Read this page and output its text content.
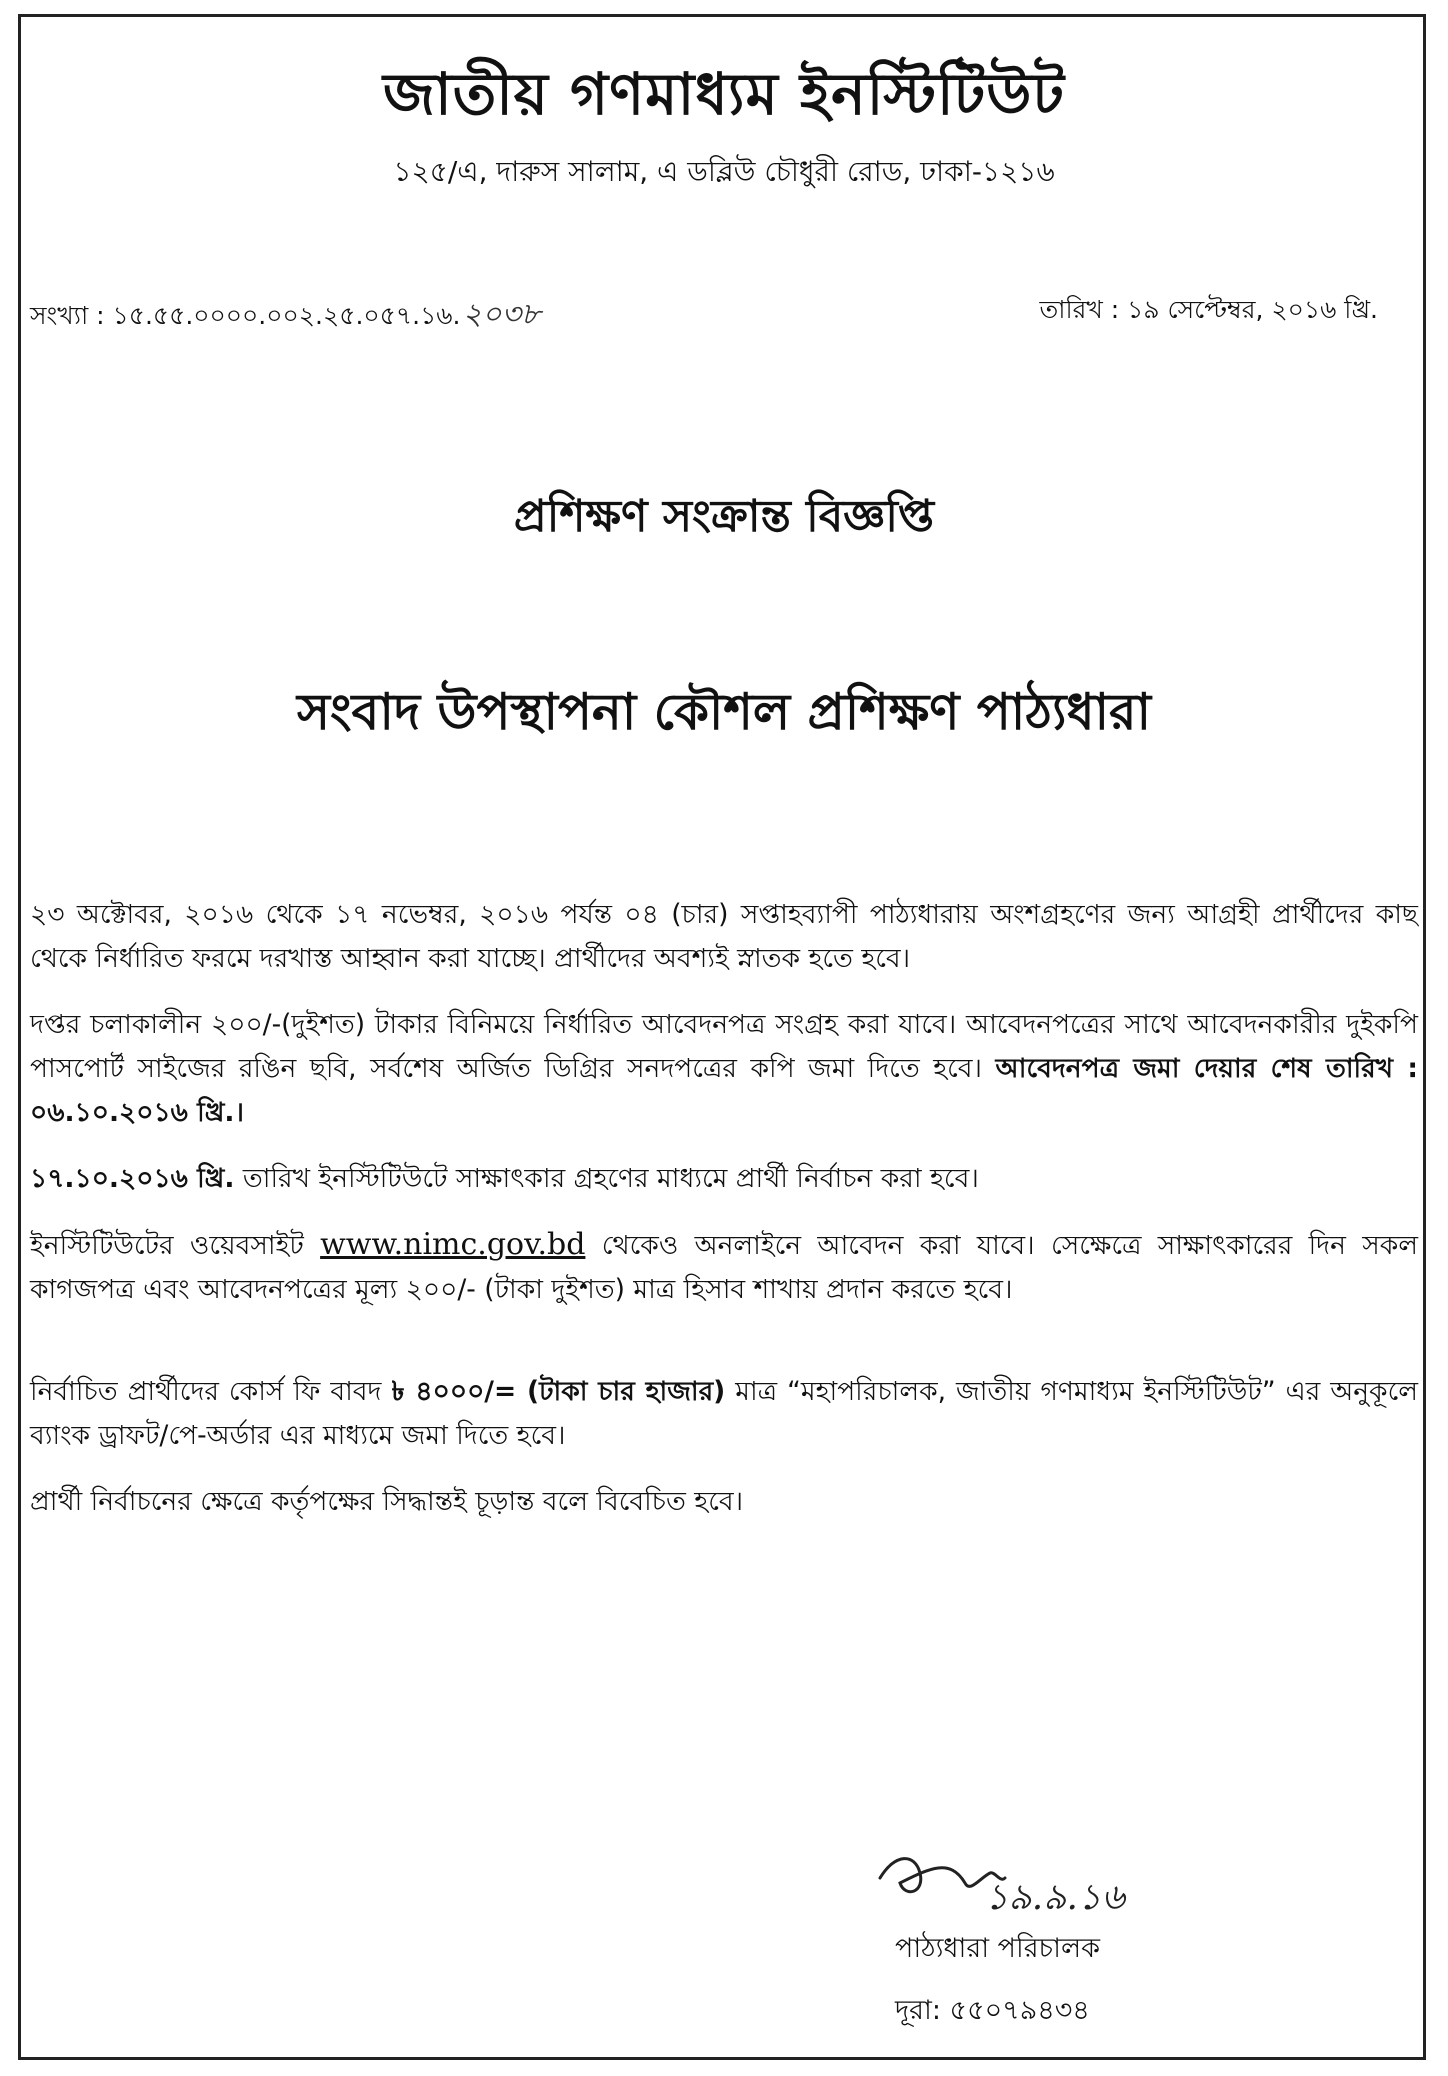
জাতীয় গণমাধ্যম ইনস্টিটিউট
১২৫/এ, দারুস সালাম, এ ডব্লিউ চৌধুরী রোড, ঢাকা-১২১৬
সংখ্যা : ১৫.৫৫.০০০০.০০২.২৫.০৫৭.১৬.২০৩৮	তারিখ : ১৯ সেপ্টেম্বর, ২০১৬ খ্রি.
প্রশিক্ষণ সংক্রান্ত বিজ্ঞপ্তি
সংবাদ উপস্থাপনা কৌশল প্রশিক্ষণ পাঠ্যধারা

২৩ অক্টোবর, ২০১৬ থেকে ১৭ নভেম্বর, ২০১৬ পর্যন্ত ০৪ (চার) সপ্তাহব্যাপী পাঠ্যধারায় অংশগ্রহণের জন্য আগ্রহী প্রার্থীদের কাছ থেকে নির্ধারিত ফরমে দরখাস্ত আহ্বান করা যাচ্ছে। প্রার্থীদের অবশ্যই স্নাতক হতে হবে।

দপ্তর চলাকালীন ২০০/-(দুইশত) টাকার বিনিময়ে নির্ধারিত আবেদনপত্র সংগ্রহ করা যাবে। আবেদনপত্রের সাথে আবেদনকারীর দুইকপি পাসপোর্ট সাইজের রঙিন ছবি, সর্বশেষ অর্জিত ডিগ্রির সনদপত্রের কপি জমা দিতে হবে। আবেদনপত্র জমা দেয়ার শেষ তারিখ : ০৬.১০.২০১৬ খ্রি.।

১৭.১০.২০১৬ খ্রি. তারিখ ইনস্টিটিউটে সাক্ষাৎকার গ্রহণের মাধ্যমে প্রার্থী নির্বাচন করা হবে।

ইনস্টিটিউটের ওয়েবসাইট www.nimc.gov.bd থেকেও অনলাইনে আবেদন করা যাবে। সেক্ষেত্রে সাক্ষাৎকারের দিন সকল কাগজপত্র এবং আবেদনপত্রের মূল্য ২০০/- (টাকা দুইশত) মাত্র হিসাব শাখায় প্রদান করতে হবে।

নির্বাচিত প্রার্থীদের কোর্স ফি বাবদ ৳ ৪০০০/= (টাকা চার হাজার) মাত্র “মহাপরিচালক, জাতীয় গণমাধ্যম ইনস্টিটিউট” এর অনুকূলে ব্যাংক ড্রাফট/পে-অর্ডার এর মাধ্যমে জমা দিতে হবে।

প্রার্থী নির্বাচনের ক্ষেত্রে কর্তৃপক্ষের সিদ্ধান্তই চূড়ান্ত বলে বিবেচিত হবে।

১৯.৯.১৬
পাঠ্যধারা পরিচালক
দূরা: ৫৫০৭৯৪৩৪
